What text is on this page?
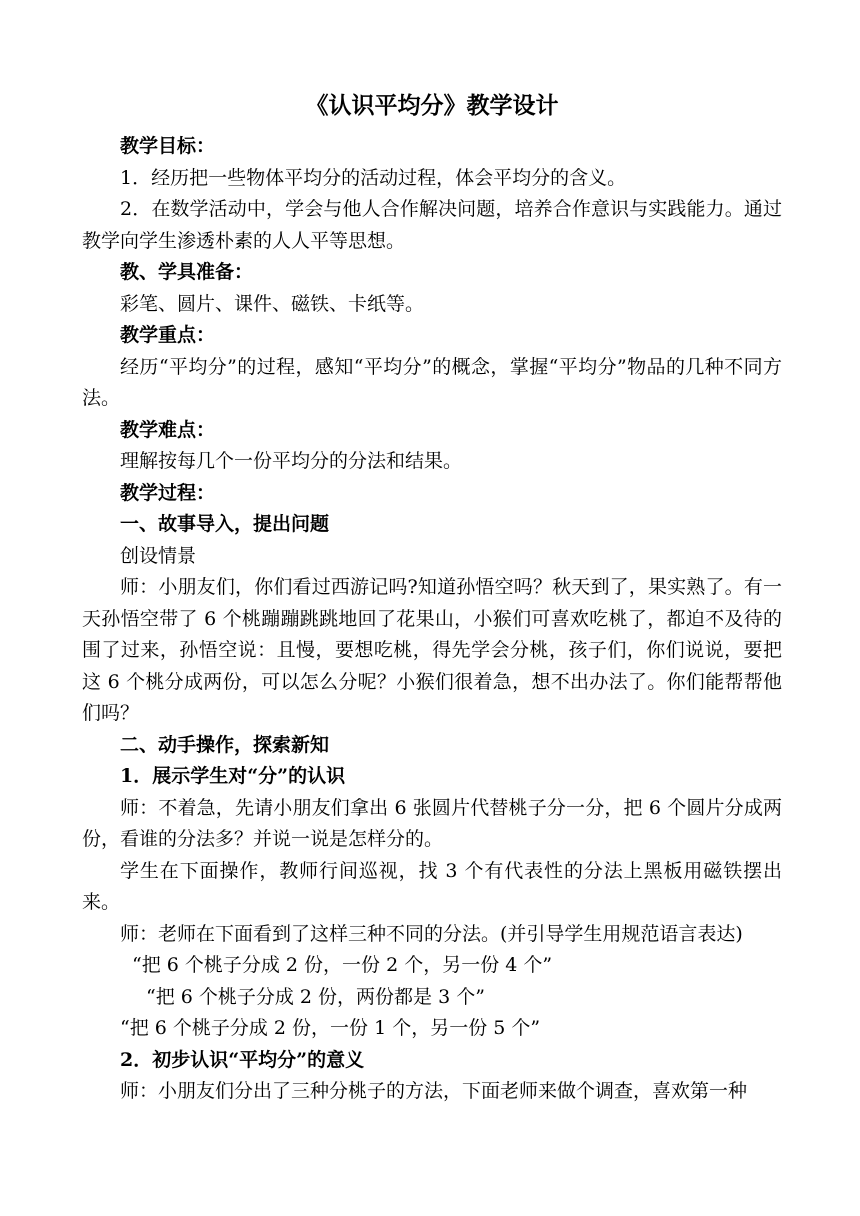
《认识平均分》教学设计

教学目标：

1．经历把一些物体平均分的活动过程，体会平均分的含义。

2．在数学活动中，学会与他人合作解决问题，培养合作意识与实践能力。通过教学向学生渗透朴素的人人平等思想。

教、学具准备：

彩笔、圆片、课件、磁铁、卡纸等。

教学重点：

经历“平均分”的过程，感知“平均分”的概念，掌握“平均分”物品的几种不同方法。

教学难点：

理解按每几个一份平均分的分法和结果。

教学过程：

一、故事导入，提出问题

创设情景

师：小朋友们，你们看过西游记吗?知道孙悟空吗？秋天到了，果实熟了。有一天孙悟空带了 6 个桃蹦蹦跳跳地回了花果山，小猴们可喜欢吃桃了，都迫不及待的围了过来，孙悟空说：且慢，要想吃桃，得先学会分桃，孩子们，你们说说，要把这 6 个桃分成两份，可以怎么分呢？小猴们很着急，想不出办法了。你们能帮帮他们吗？

二、动手操作，探索新知

1．展示学生对“分”的认识

师：不着急，先请小朋友们拿出 6 张圆片代替桃子分一分，把 6 个圆片分成两份，看谁的分法多？并说一说是怎样分的。

学生在下面操作，教师行间巡视，找 3 个有代表性的分法上黑板用磁铁摆出来。

师：老师在下面看到了这样三种不同的分法。(并引导学生用规范语言表达)

“把 6 个桃子分成 2 份，一份 2 个，另一份 4 个”

“把 6 个桃子分成 2 份，两份都是 3 个”

“把 6 个桃子分成 2 份，一份 1 个，另一份 5 个”

2．初步认识“平均分”的意义

师：小朋友们分出了三种分桃子的方法，下面老师来做个调查，喜欢第一种
